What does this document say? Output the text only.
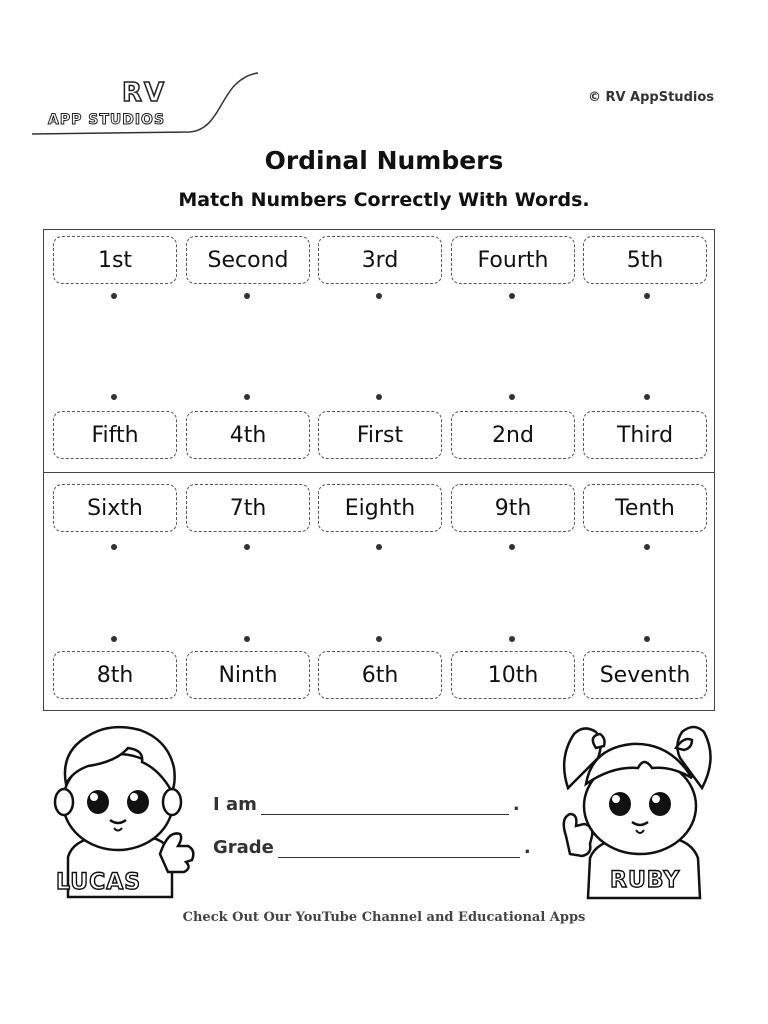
RV
APP STUDIOS
© RV AppStudios
Ordinal Numbers
Match Numbers Correctly With Words.
1st	Second	3rd	Fourth	5th
Fifth	4th	First	2nd	Third
Sixth	7th	Eighth	9th	Tenth
8th	Ninth	6th	10th	Seventh
LUCAS	RUBY
I am	.
Grade	.
Check Out Our YouTube Channel and Educational Apps
